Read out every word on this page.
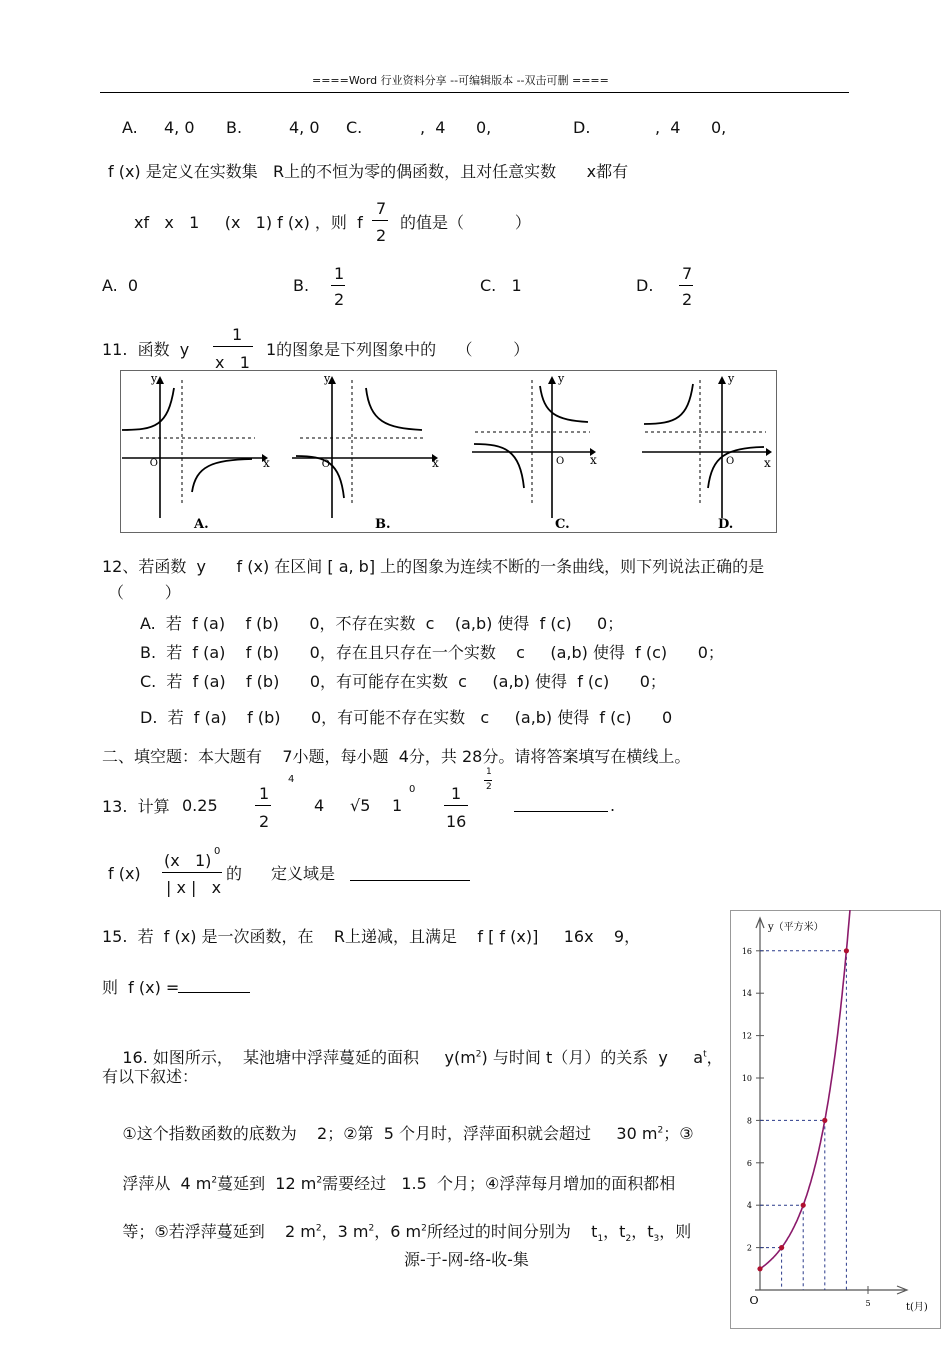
====Word 行业资料分享 --可编辑版本 --双击可删 ====
A. 4, 0 B.	4, 0 C.	,  4      0,	D.	,  4      0,
f (x) 是定义在实数集   R上的不恒为零的偶函数，且对任意实数      x都有
xf   x   1     (x   1) f (x) ，则  f
7
2
的值是（          ）
A.  0	B.
1
2
C.   1	D.
7
2
11.  函数  y
1
x   1
1的图象是下列图象中的    （        ）
O	x
y
A.
O	x
y
B.
O x
y
C.
O x
y
D.
12、若函数  y      f (x) 在区间 [ a, b] 上的图象为连续不断的一条曲线，则下列说法正确的是
（        ）
A.  若  f (a)    f (b)      0，不存在实数  c    (a,b) 使得  f (c)     0；
B.  若  f (a)    f (b)      0，存在且只存在一个实数    c     (a,b) 使得  f (c)      0；
C.  若  f (a)    f (b)      0，有可能存在实数  c     (a,b) 使得  f (c)      0；
D.  若  f (a)    f (b)      0，有可能不存在实数   c     (a,b) 使得  f (c)      0
二、填空题：本大题有    7小题，每小题  4分，共 28分。请将答案填写在横线上。
13.  计算 0.25
1
2
4
4 √5 1
0 1
16
1
2
.
f (x)
(x   1) 0
| x |   x
的 定义域是
15.  若  f (x) 是一次函数，在    R上递减，且满足    f [ f (x)]     16x    9，
则  f (x) =

16. 如图所示，  某池塘中浮萍蔓延的面积 $y(m^2)$ 与时间 t（月）的关系  y     $a^t$，

有以下叙述：

①这个指数函数的底数为    2；②第  5 个月时，浮萍面积就会超过     30 $m^2$；③

浮萍从  4 $m^2$蔓延到  12 $m^2$需要经过   1.5  个月；④浮萍每月增加的面积都相

等；⑤若浮萍蔓延到    2 $m^2$，3 $m^2$，6 $m^2$所经过的时间分别为    $t_1$，$t_2$，$t_3$，则

y（平方米）
t(月)
O
2
4
6
8
10
12
14
16
5
源-于-网-络-收-集
